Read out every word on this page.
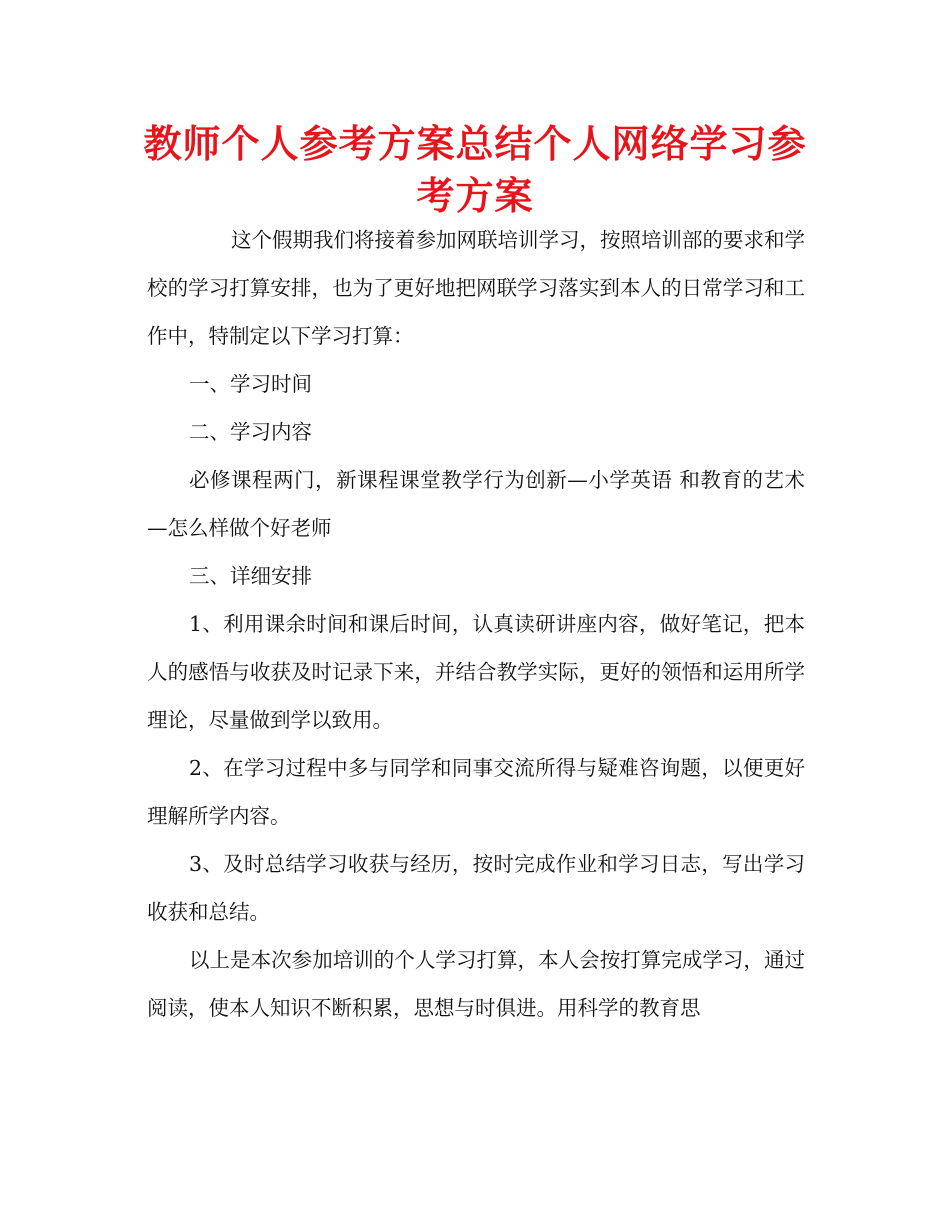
教师个人参考方案总结个人网络学习参考方案

这个假期我们将接着参加网联培训学习，按照培训部的要求和学校的学习打算安排，也为了更好地把网联学习落实到本人的日常学习和工作中，特制定以下学习打算：

一、学习时间

二、学习内容

必修课程两门，新课程课堂教学行为创新—小学英语 和教育的艺术—怎么样做个好老师

三、详细安排

1、利用课余时间和课后时间，认真读研讲座内容，做好笔记，把本人的感悟与收获及时记录下来，并结合教学实际，更好的领悟和运用所学理论，尽量做到学以致用。

2、在学习过程中多与同学和同事交流所得与疑难咨询题，以便更好理解所学内容。

3、及时总结学习收获与经历，按时完成作业和学习日志，写出学习收获和总结。

以上是本次参加培训的个人学习打算，本人会按打算完成学习，通过阅读，使本人知识不断积累，思想与时俱进。用科学的教育思
